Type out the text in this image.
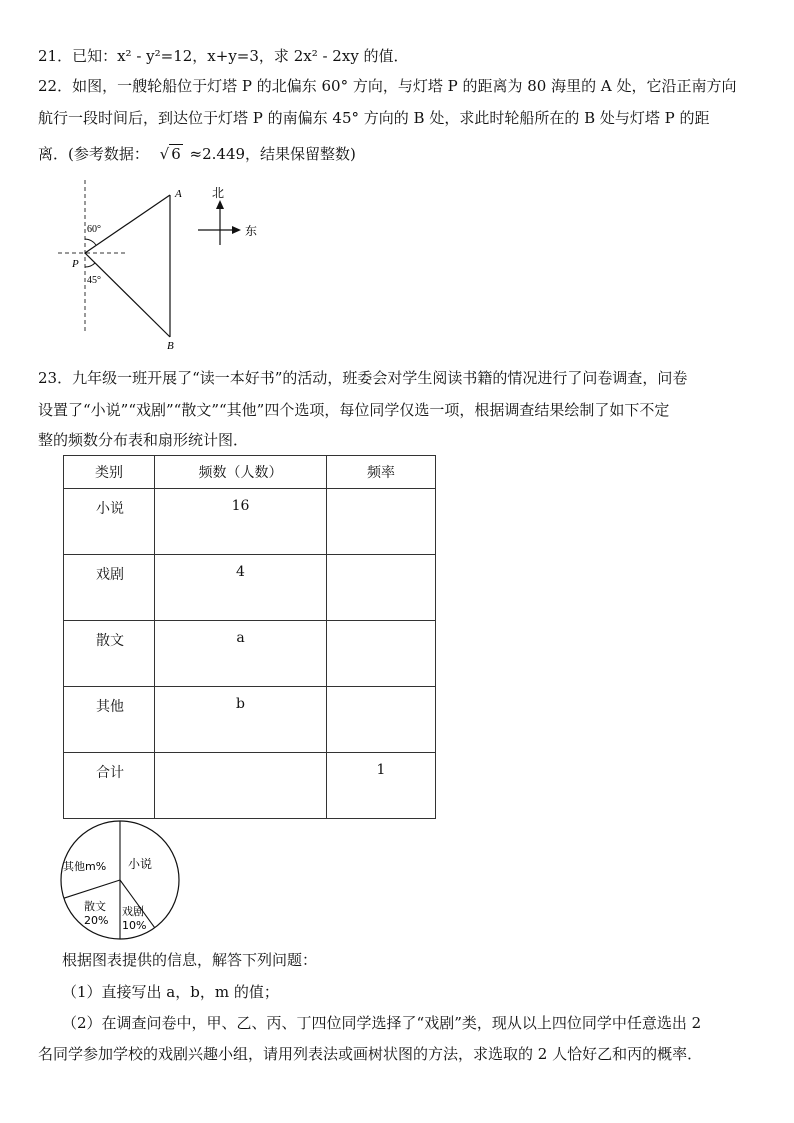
21．已知：x² - y²=12，x+y=3，求 2x² - 2xy 的值．
22．如图，一艘轮船位于灯塔 P 的北偏东 60° 方向，与灯塔 P 的距离为 80 海里的 A 处，它沿正南方向
航行一段时间后，到达位于灯塔 P 的南偏东 45° 方向的 B 处，求此时轮船所在的 B 处与灯塔 P 的距
离．(参考数据： √ 6 ≈2.449，结果保留整数)
A
B
P
60°
45°
北
东
23．九年级一班开展了“读一本好书”的活动，班委会对学生阅读书籍的情况进行了问卷调查，问卷
设置了“小说”“戏剧”“散文”“其他”四个选项，每位同学仅选一项，根据调查结果绘制了如下不定
整的频数分布表和扇形统计图．
类别	频数（人数）	频率

小说	16	

戏剧	4	

散文	a	

其他	b	

合计		1
小说
其他m%
散文
20%
戏剧
10%
根据图表提供的信息，解答下列问题：
（1）直接写出 a，b，m 的值；
（2）在调查问卷中，甲、乙、丙、丁四位同学选择了“戏剧”类，现从以上四位同学中任意选出 2
名同学参加学校的戏剧兴趣小组，请用列表法或画树状图的方法，求选取的 2 人恰好乙和丙的概率．
